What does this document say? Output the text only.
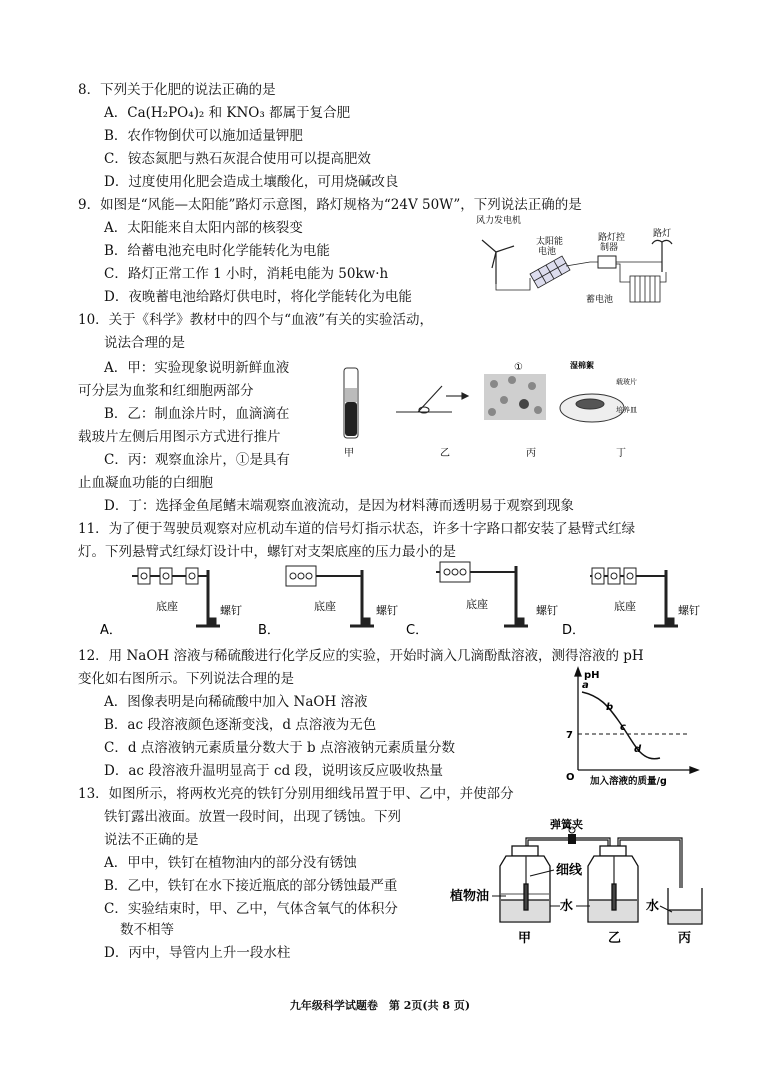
8．下列关于化肥的说法正确的是
A．Ca(H₂PO₄)₂ 和 KNO₃ 都属于复合肥
B．农作物倒伏可以施加适量钾肥
C．铵态氮肥与熟石灰混合使用可以提高肥效
D．过度使用化肥会造成土壤酸化，可用烧碱改良
9．如图是“风能—太阳能”路灯示意图，路灯规格为“24V 50W”，下列说法正确的是
A．太阳能来自太阳内部的核裂变
B．给蓄电池充电时化学能转化为电能
C．路灯正常工作 1 小时，消耗电能为 50kw·h
D．夜晚蓄电池给路灯供电时，将化学能转化为电能
风力发电机
太阳能
电池
路灯控
制器
路灯
蓄电池
10．关于《科学》教材中的四个与“血液”有关的实验活动，
说法合理的是
A．甲：实验现象说明新鲜血液
可分层为血浆和红细胞两部分
B．乙：制血涂片时，血滴滴在
载玻片左侧后用图示方式进行推片
C．丙：观察血涂片，①是具有
止血凝血功能的白细胞
D．丁：选择金鱼尾鳍末端观察血液流动，是因为材料薄而透明易于观察到现象
甲	乙
①
丙
湿棉絮
载玻片
培养皿
丁
11．为了便于驾驶员观察对应机动车道的信号灯指示状态，许多十字路口都安装了悬臂式红绿
灯。下列悬臂式红绿灯设计中，螺钉对支架底座的压力最小的是
底座	螺钉
A．
底座	螺钉
B．
底座	螺钉
C．
底座	螺钉
D．
12．用 NaOH 溶液与稀硫酸进行化学反应的实验，开始时滴入几滴酚酞溶液，测得溶液的 pH
变化如右图所示。下列说法合理的是
A．图像表明是向稀硫酸中加入 NaOH 溶液
B．ac 段溶液颜色逐渐变浅，d 点溶液为无色
C．d 点溶液钠元素质量分数大于 b 点溶液钠元素质量分数
D．ac 段溶液升温明显高于 cd 段，说明该反应吸收热量
pH
7
O
a
b
c
d
加入溶液的质量/g
13．如图所示，将两枚光亮的铁钉分别用细线吊置于甲、乙中，并使部分
铁钉露出液面。放置一段时间，出现了锈蚀。下列
说法不正确的是
A．甲中，铁钉在植物油内的部分没有锈蚀
B．乙中，铁钉在水下接近瓶底的部分锈蚀最严重
C．实验结束时，甲、乙中，气体含氧气的体积分
数不相等
D．丙中，导管内上升一段水柱
弹簧夹
细线
植物油
水	水
甲	乙	丙
九年级科学试题卷　第 2页(共 8 页)
